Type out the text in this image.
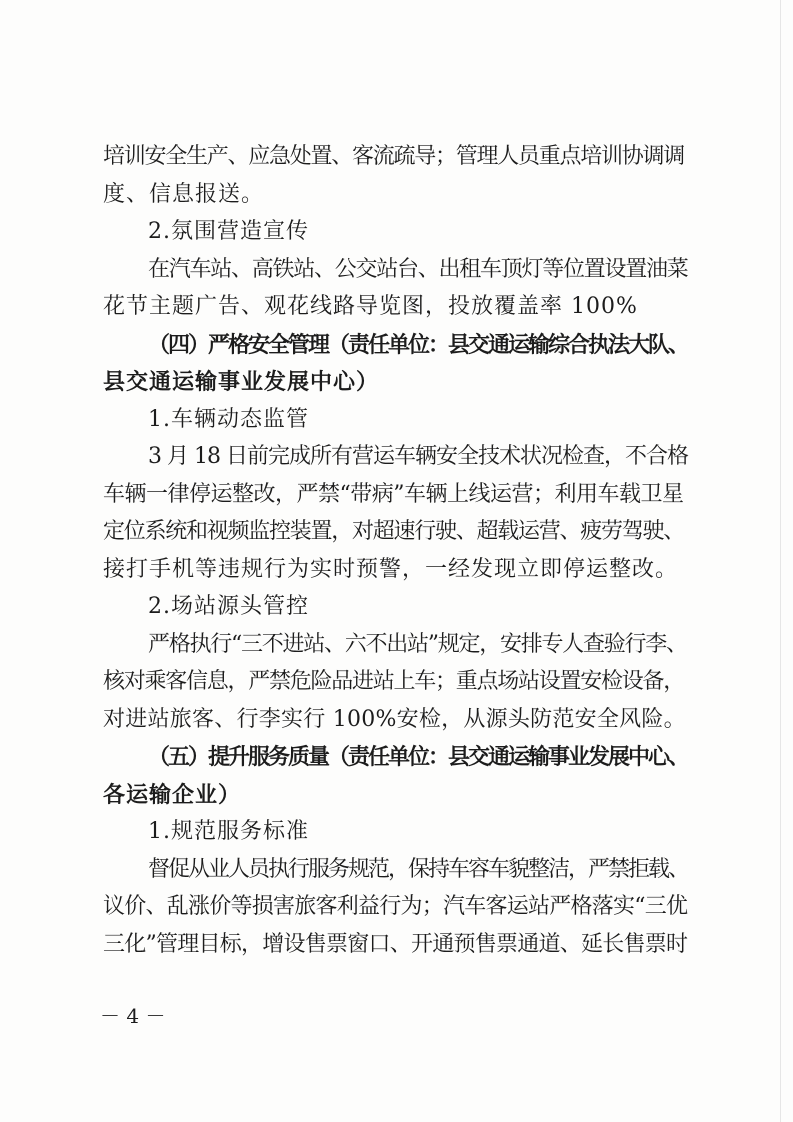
培训安全生产、应急处置、客流疏导；管理人员重点培训协调调
度、信息报送。
2.氛围营造宣传
在汽车站、高铁站、公交站台、出租车顶灯等位置设置油菜
花节主题广告、观花线路导览图，投放覆盖率 100%
（四）严格安全管理（责任单位：县交通运输综合执法大队、
县交通运输事业发展中心）
1.车辆动态监管
3 月 18 日前完成所有营运车辆安全技术状况检查，不合格
车辆一律停运整改，严禁“带病”车辆上线运营；利用车载卫星
定位系统和视频监控装置，对超速行驶、超载运营、疲劳驾驶、
接打手机等违规行为实时预警，一经发现立即停运整改。
2.场站源头管控
严格执行“三不进站、六不出站”规定，安排专人查验行李、
核对乘客信息，严禁危险品进站上车；重点场站设置安检设备，
对进站旅客、行李实行 100%安检，从源头防范安全风险。
（五）提升服务质量（责任单位：县交通运输事业发展中心、
各运输企业）
1.规范服务标准
督促从业人员执行服务规范，保持车容车貌整洁，严禁拒载、
议价、乱涨价等损害旅客利益行为；汽车客运站严格落实“三优
三化”管理目标，增设售票窗口、开通预售票通道、延长售票时
－ 4 －
